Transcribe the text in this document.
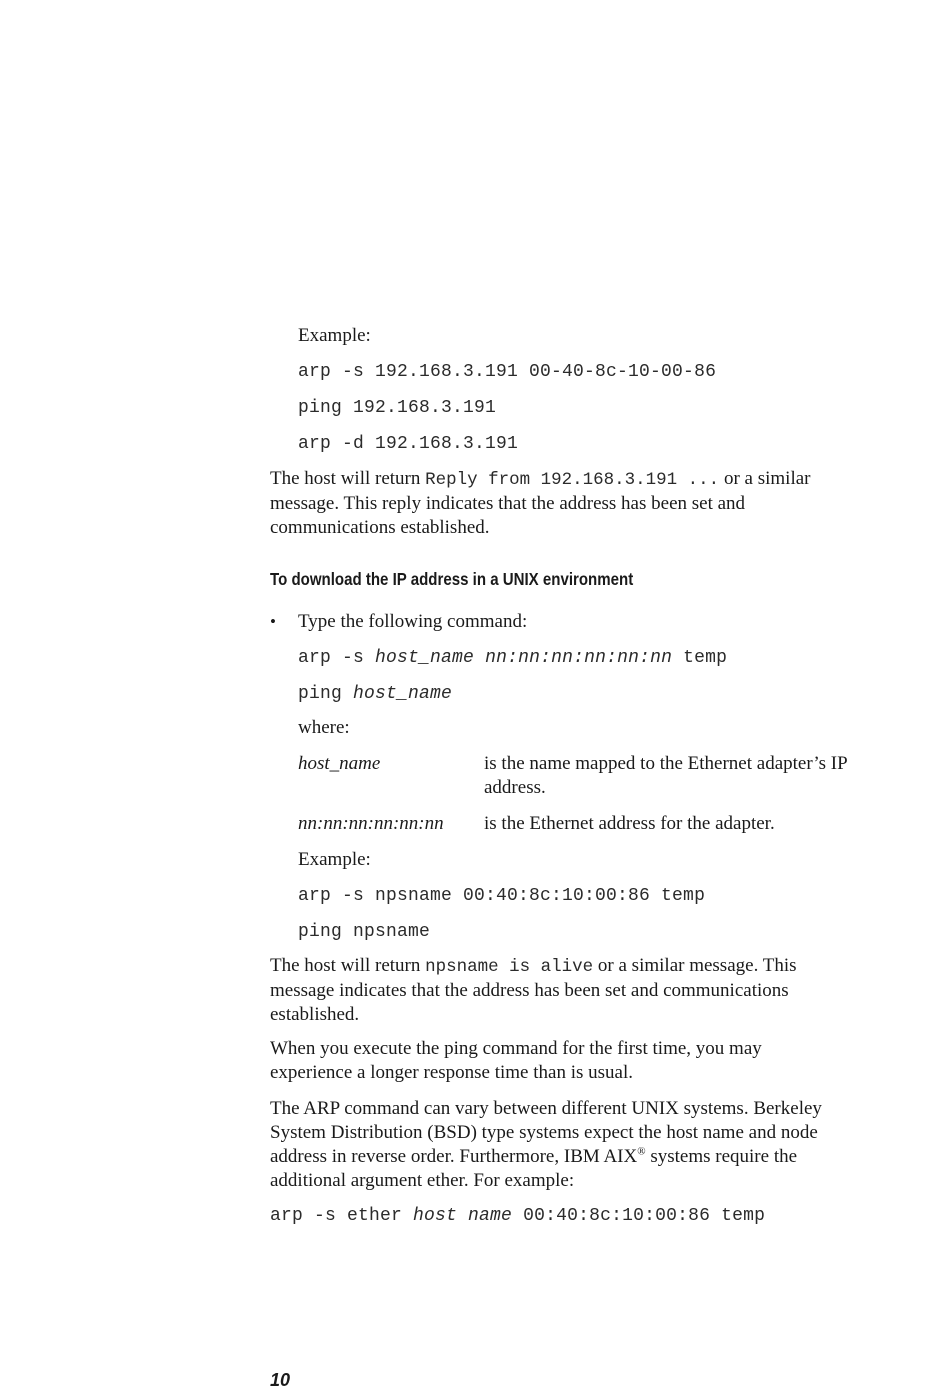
Example:
arp -s 192.168.3.191 00-40-8c-10-00-86
ping 192.168.3.191
arp -d 192.168.3.191
The host will return Reply from 192.168.3.191 ... or a similar message. This reply indicates that the address has been set and communications established.
To download the IP address in a UNIX environment
• Type the following command:
arp -s host_name nn:nn:nn:nn:nn:nn temp
ping host_name
where:
host_name	is the name mapped to the Ethernet adapter’s IP address.
nn:nn:nn:nn:nn:nn is the Ethernet address for the adapter.
Example:
arp -s npsname 00:40:8c:10:00:86 temp
ping npsname
The host will return npsname is alive or a similar message. This message indicates that the address has been set and communications established.
When you execute the ping command for the first time, you may experience a longer response time than is usual.
The ARP command can vary between different UNIX systems. Berkeley System Distribution (BSD) type systems expect the host name and node address in reverse order. Furthermore, IBM AIX® systems require the additional argument ether. For example:
arp -s ether host name 00:40:8c:10:00:86 temp
10
